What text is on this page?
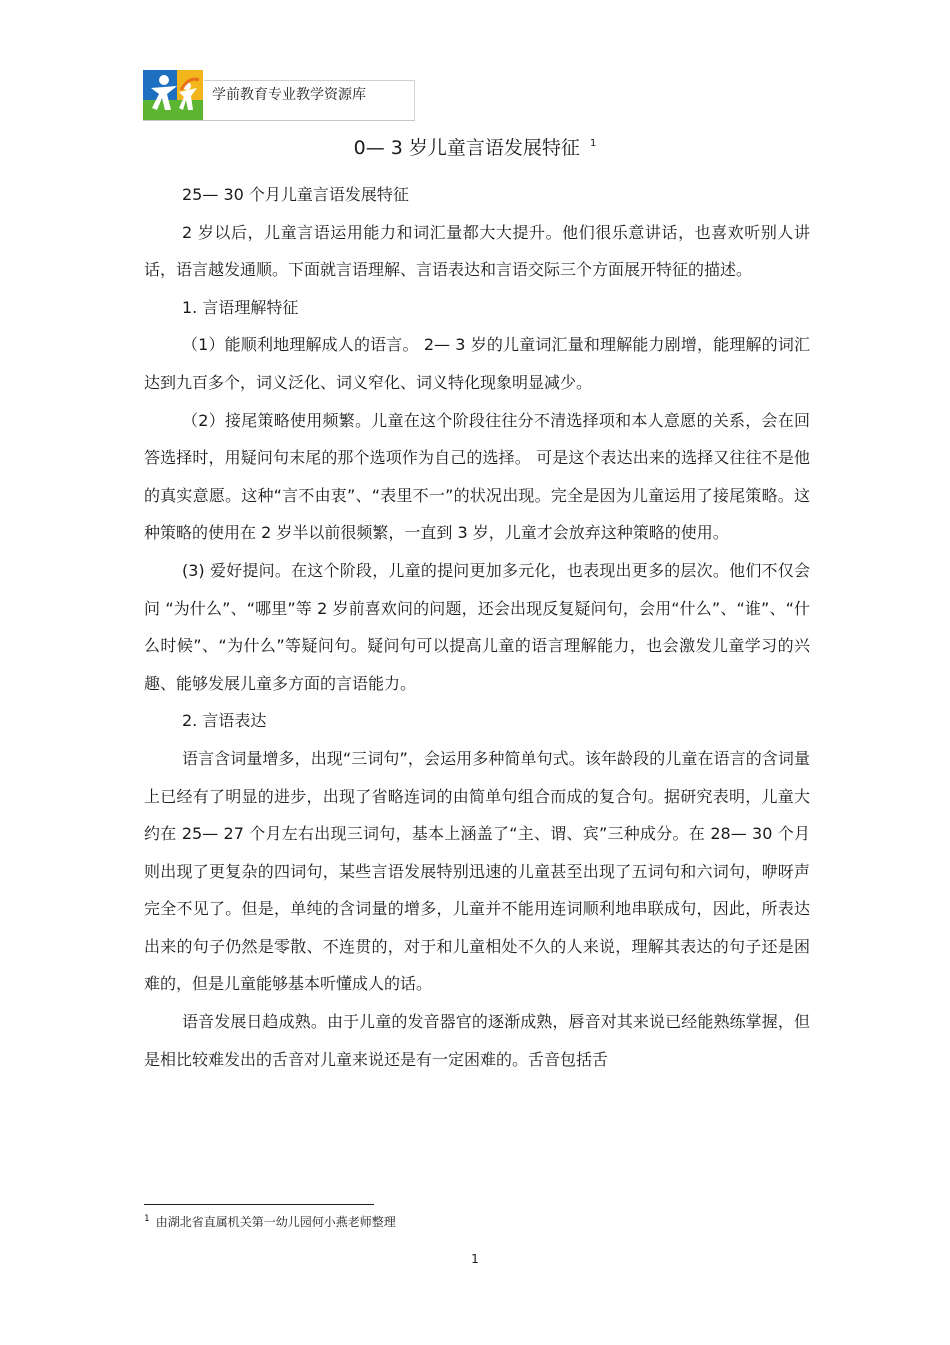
学前教育专业教学资源库
0— 3 岁儿童言语发展特征 $^1$

25— 30 个月儿童言语发展特征

2 岁以后，儿童言语运用能力和词汇量都大大提升。他们很乐意讲话，也喜欢听别人讲话，语言越发通顺。下面就言语理解、言语表达和言语交际三个方面展开特征的描述。

1. 言语理解特征

（1）能顺利地理解成人的语言。 2— 3 岁的儿童词汇量和理解能力剧增，能理解的词汇达到九百多个，词义泛化、词义窄化、词义特化现象明显减少。

（2）接尾策略使用频繁。儿童在这个阶段往往分不清选择项和本人意愿的关系，会在回答选择时，用疑问句末尾的那个选项作为自己的选择。 可是这个表达出来的选择又往往不是他的真实意愿。这种“言不由衷”、“表里不一”的状况出现。完全是因为儿童运用了接尾策略。这种策略的使用在 2 岁半以前很频繁，一直到 3 岁，儿童才会放弃这种策略的使用。

(3) 爱好提问。在这个阶段，儿童的提问更加多元化，也表现出更多的层次。他们不仅会问 “为什么”、“哪里”等 2 岁前喜欢问的问题，还会出现反复疑问句，会用“什么”、“谁”、“什么时候”、“为什么”等疑问句。疑问句可以提高儿童的语言理解能力，也会激发儿童学习的兴趣、能够发展儿童多方面的言语能力。

2. 言语表达

语言含词量增多，出现“三词句”，会运用多种简单句式。该年龄段的儿童在语言的含词量上已经有了明显的进步，出现了省略连词的由简单句组合而成的复合句。据研究表明，儿童大约在 25— 27 个月左右出现三词句，基本上涵盖了“主、谓、宾”三种成分。在 28— 30 个月则出现了更复杂的四词句，某些言语发展特别迅速的儿童甚至出现了五词句和六词句，咿呀声完全不见了。但是，单纯的含词量的增多，儿童并不能用连词顺利地串联成句，因此，所表达出来的句子仍然是零散、不连贯的，对于和儿童相处不久的人来说，理解其表达的句子还是困难的，但是儿童能够基本听懂成人的话。

语音发展日趋成熟。由于儿童的发音器官的逐渐成熟，唇音对其来说已经能熟练掌握，但是相比较难发出的舌音对儿童来说还是有一定困难的。舌音包括舌

$^1$ 由湖北省直属机关第一幼儿园何小燕老师整理
1
